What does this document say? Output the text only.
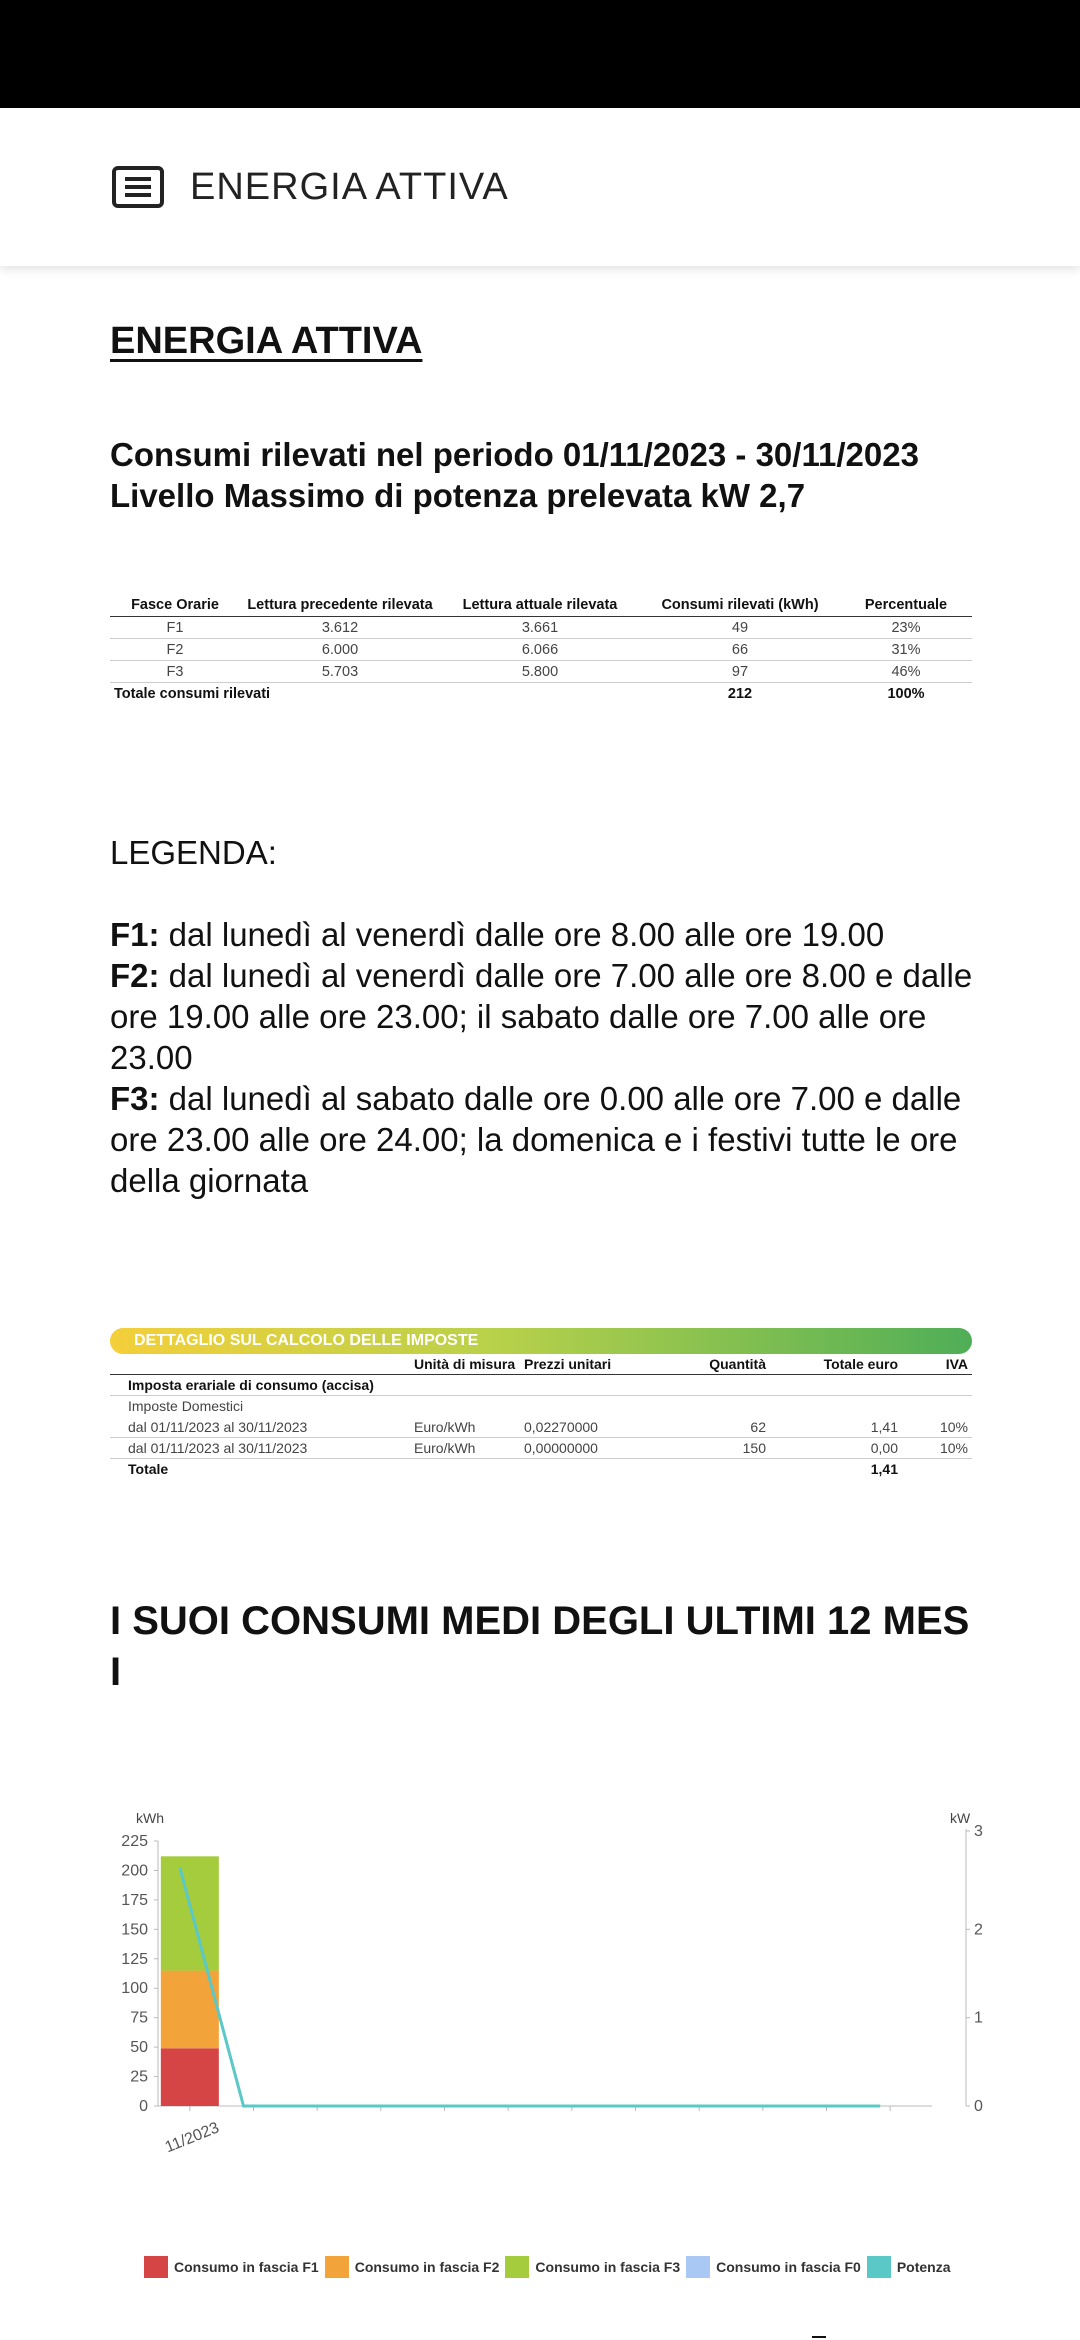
ENERGIA ATTIVA
ENERGIA ATTIVA
Consumi rilevati nel periodo 01/11/2023 - 30/11/2023
Livello Massimo di potenza prelevata kW 2,7
Fasce Orarie	Lettura precedente rilevata	Lettura attuale rilevata	Consumi rilevati (kWh)	Percentuale
F1	3.612	3.661	49	23%
F2	6.000	6.066	66	31%
F3	5.703	5.800	97	46%
Totale consumi rilevati			212	100%
LEGENDA:
F1: dal lunedì al venerdì dalle ore 8.00 alle ore 19.00
F2: dal lunedì al venerdì dalle ore 7.00 alle ore 8.00 e dalle ore 19.00 alle ore 23.00; il sabato dalle ore 7.00 alle ore 23.00
F3: dal lunedì al sabato dalle ore 0.00 alle ore 7.00 e dalle ore 23.00 alle ore 24.00; la domenica e i festivi tutte le ore della giornata
DETTAGLIO SUL CALCOLO DELLE IMPOSTE
	Unità di misura	Prezzi unitari	Quantità	Totale euro	IVA
Imposta erariale di consumo (accisa)					
Imposte Domestici					
dal 01/11/2023 al 30/11/2023	Euro/kWh	0,02270000	62	1,41	10%
dal 01/11/2023 al 30/11/2023	Euro/kWh	0,00000000	150	0,00	10%
Totale				1,41	
I SUOI CONSUMI MEDI DEGLI ULTIMI 12 MESI
kWh	kW
0
25
50
75
100
125
150
175
200
225
0
1
2
3
11/2023
Consumo in fascia F1	Consumo in fascia F2	Consumo in fascia F3	Consumo in fascia F0	Potenza
